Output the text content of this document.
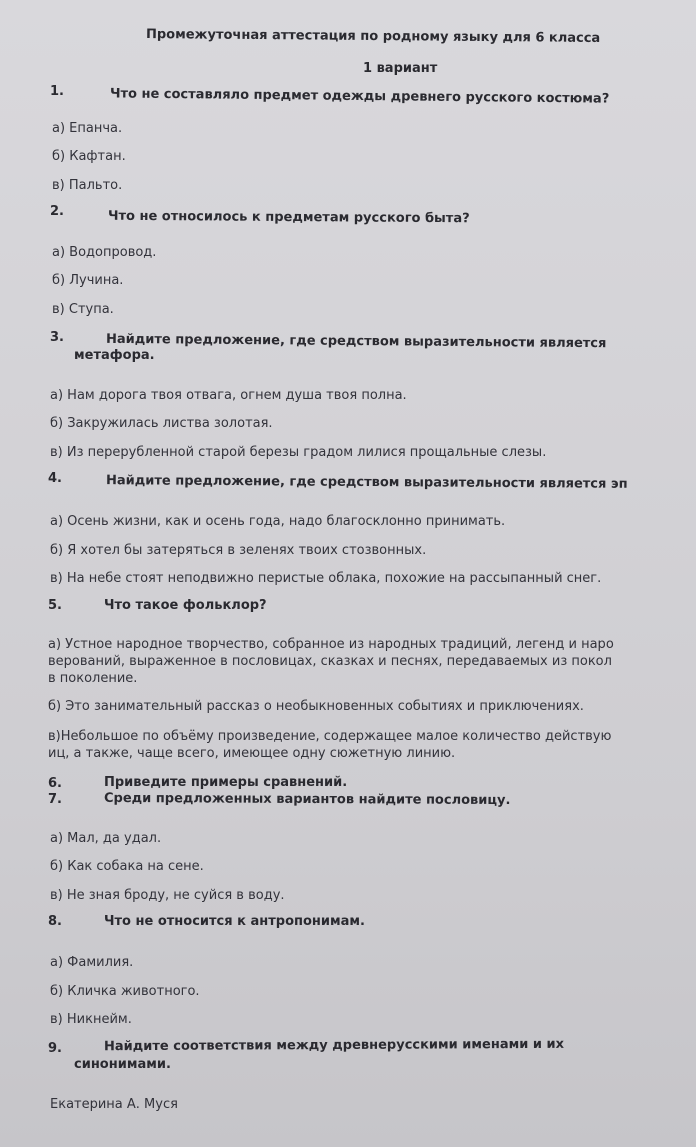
Промежуточная аттестация по родному языку для 6 класса
1 вариант
1.	Что не составляло предмет одежды древнего русского костюма?
а) Епанча.
б) Кафтан.
в) Пальто.
2.	Что не относилось к предметам русского быта?
а) Водопровод.
б) Лучина.
в) Ступа.
3.	Найдите предложение, где средством выразительности является
метафора.
а) Нам дорога твоя отвага, огнем душа твоя полна.
б) Закружилась листва золотая.
в) Из перерубленной старой березы градом лилися прощальные слезы.
4.	Найдите предложение, где средством выразительности является эп
а) Осень жизни, как и осень года, надо благосклонно принимать.
б) Я хотел бы затеряться в зеленях твоих стозвонных.
в) На небе стоят неподвижно перистые облака, похожие на рассыпанный снег.
5.	Что такое фольклор?
а) Устное народное творчество, собранное из народных традиций, легенд и наро
верований, выраженное в пословицах, сказках и песнях, передаваемых из покол
в поколение.
б) Это занимательный рассказ о необыкновенных событиях и приключениях.
в)Небольшое по объёму произведение, содержащее малое количество действую
иц, а также, чаще всего, имеющее одну сюжетную линию.
6.	Приведите примеры сравнений.
7.	Среди предложенных вариантов найдите пословицу.
а) Мал, да удал.
б) Как собака на сене.
в) Не зная броду, не суйся в воду.
8.	Что не относится к антропонимам.
а) Фамилия.
б) Кличка животного.
в) Никнейм.
9.	Найдите соответствия между древнерусскими именами и их
синонимами.
Екатерина А. Муся
